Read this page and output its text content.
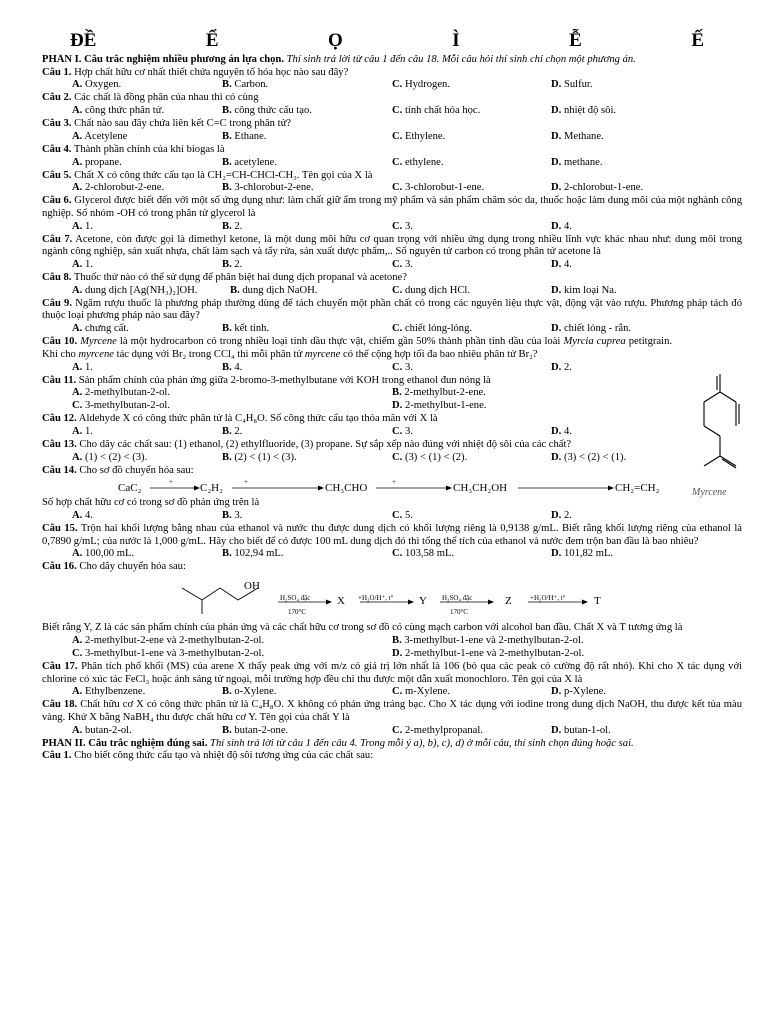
ĐỀ	Ể	Ọ	Ì	Ễ	Ế
PHẦN I. Câu trắc nghiệm nhiều phương án lựa chọn. Thí sinh trả lời từ câu 1 đến câu 18. Mỗi câu hỏi thí sinh chỉ chọn một phương án.
Câu 1. Hợp chất hữu cơ nhất thiết chứa nguyên tố hóa học nào sau đây?
A. Oxygen.	B. Carbon.	C. Hydrogen.	D. Sulfur.
Câu 2. Các chất là đồng phân của nhau thì có cùng
A. công thức phân tử.	B. công thức cấu tạo.	C. tính chất hóa học.	D. nhiệt độ sôi.
Câu 3. Chất nào sau đây chứa liên kết C=C trong phân tử?
A. Acetylene	B. Ethane.	C. Ethylene.	D. Methane.
Câu 4. Thành phần chính của khí biogas là
A. propane.	B. acetylene.	C. ethylene.	D. methane.
Câu 5. Chất X có công thức cấu tạo là CH₂=CH-CHCl-CH₃. Tên gọi của X là
A. 2-chlorobut-2-ene.	B. 3-chlorobut-2-ene.	C. 3-chlorobut-1-ene.	D. 2-chlorobut-1-ene.
Câu 6. Glycerol được biết đến với một số ứng dụng như: làm chất giữ ẩm trong mỹ phẩm và sản phẩm chăm sóc da, thuốc hoặc làm dung môi của một nghành công nghiệp. Số nhóm -OH có trong phân tử glycerol là
A. 1.	B. 2.	C. 3.	D. 4.
Câu 7. Acetone, còn được gọi là dimethyl ketone, là một dung môi hữu cơ quan trọng với nhiều ứng dụng trong nhiều lĩnh vực khác nhau như: dung môi trong ngành công nghiệp, sản xuất nhựa, chất làm sạch và tẩy rửa, sản xuất dược phẩm,.. Số nguyên tử carbon có trong phân tử acetone là
A. 1.	B. 2.	C. 3.	D. 4.
Câu 8. Thuốc thử nào có thể sử dụng để phân biệt hai dung dịch propanal và acetone?
A. dung dịch [Ag(NH₃)₂]OH.	B. dung dịch NaOH.	C. dung dịch HCl.	D. kim loại Na.
Câu 9. Ngâm rượu thuốc là phương pháp thường dùng để tách chuyển một phần chất có trong các nguyên liệu thực vật, động vật vào rượu. Phương pháp tách đó thuộc loại phương pháp nào sau đây?
A. chưng cất.	B. kết tinh.	C. chiết lỏng-lỏng.	D. chiết lỏng - rắn.
Câu 10. Myrcene là một hydrocarbon có trong nhiều loại tinh dầu thực vật, chiếm gần 50% thành phần tinh dầu của loài Myrcia cuprea petitgrain. Khi cho myrcene tác dụng với Br₂ trong CCl₄ thì mỗi phân tử myrcene có thể cộng hợp tối đa bao nhiêu phân tử Br₂?
A. 1.	B. 4.	C. 3.	D. 2.
Câu 11. Sản phẩm chính của phản ứng giữa 2-bromo-3-methylbutane với KOH trong ethanol đun nóng là
A. 2-methylbutan-2-ol.	B. 2-methylbut-2-ene.
C. 3-methylbutan-2-ol.	D. 2-methylbut-1-ene.
Câu 12. Aldehyde X có công thức phân tử là C₄H₈O. Số công thức cấu tạo thỏa mãn với X là
A. 1.	B. 2.	C. 3.	D. 4.
Câu 13. Cho dãy các chất sau: (1) ethanol, (2) ethylfluoride, (3) propane. Sự sắp xếp nào đúng với nhiệt độ sôi của các chất?
A. (1) < (2) < (3).	B. (2) < (1) < (3).	C. (3) < (1) < (2).	D. (3) < (2) < (1).
Câu 14. Cho sơ đồ chuyển hóa sau:
CaC₂	+ C₂H₂	+	CH₃CHO	+	CH₃CH₂OH	CH₂=CH₂
Số hợp chất hữu cơ có trong sơ đồ phản ứng trên là
A. 4.	B. 3.	C. 5.	D. 2.
Câu 15. Trộn hai khối lượng bằng nhau của ethanol và nước thu được dung dịch có khối lượng riêng là 0,9138 g/mL. Biết rằng khối lượng riêng của ethanol là 0,7890 g/mL; của nước là 1,000 g/mL. Hãy cho biết để có được 100 mL dung dịch đó thì tổng thể tích của ethanol và nước đem trộn ban đầu là bao nhiêu?
A. 100,00 mL.	B. 102,94 mL.	C. 103,58 mL.	D. 101,82 mL.
Câu 16. Cho dãy chuyển hóa sau:
OH
H₂SO₄ đặc
170°C
X +H₂O/H⁺, t° Y H₂SO₄ đặc
170°C
Z	+H₂O/H⁺, t°	T
Biết rằng Y, Z là các sản phẩm chính của phản ứng và các chất hữu cơ trong sơ đồ có cùng mạch carbon với alcohol ban đầu. Chất X và T tương ứng là
A. 2-methylbut-2-ene và 2-methylbutan-2-ol.	B. 3-methylbut-1-ene và 2-methylbutan-2-ol.
C. 3-methylbut-1-ene và 3-methylbutan-2-ol.	D. 2-methylbut-1-ene và 2-methylbutan-2-ol.
Câu 17. Phân tích phổ khối (MS) của arene X thấy peak ứng với m/z có giá trị lớn nhất là 106 (bỏ qua các peak có cường độ rất nhỏ). Khi cho X tác dụng với chlorine có xúc tác FeCl₃ hoặc ánh sáng tử ngoại, mỗi trường hợp đều chỉ thu được một dẫn xuất monochloro. Tên gọi của X là
A. Ethylbenzene.	B. o-Xylene.	C. m-Xylene.	D. p-Xylene.
Câu 18. Chất hữu cơ X có công thức phân tử là C₄H₈O. X không có phản ứng tráng bạc. Cho X tác dụng với iodine trong dung dịch NaOH, thu được kết tủa màu vàng. Khử X bằng NaBH₄ thu được chất hữu cơ Y. Tên gọi của chất Y là
A. butan-2-ol.	B. butan-2-one.	C. 2-methylpropanal.	D. butan-1-ol.
PHẦN II. Câu trắc nghiệm đúng sai. Thí sinh trả lời từ câu 1 đến câu 4. Trong mỗi ý a), b), c), d) ở mỗi câu, thí sinh chọn đúng hoặc sai.
Câu 1. Cho biết công thức cấu tạo và nhiệt độ sôi tương ứng của các chất sau:
Myrcene
